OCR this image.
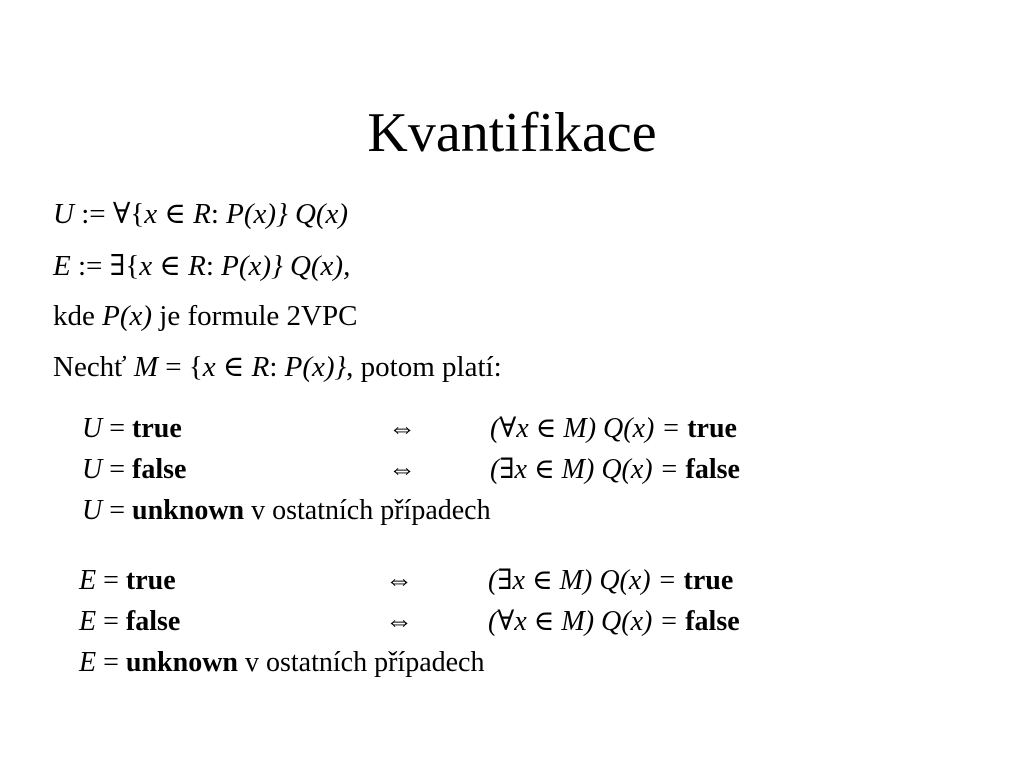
Kvantifikace
U := ∀{x ∈ R: P(x)} Q(x)
E := ∃{x ∈ R: P(x)} Q(x),
kde P(x) je formule 2VPC
Nechť M = {x ∈ R: P(x)}, potom platí:
U = true	⇔	(∀x ∈ M) Q(x) = true
U = false	⇔	(∃x ∈ M) Q(x) = false
U = unknown v ostatních případech
E = true	⇔	(∃x ∈ M) Q(x) = true
E = false	⇔	(∀x ∈ M) Q(x) = false
E = unknown v ostatních případech
